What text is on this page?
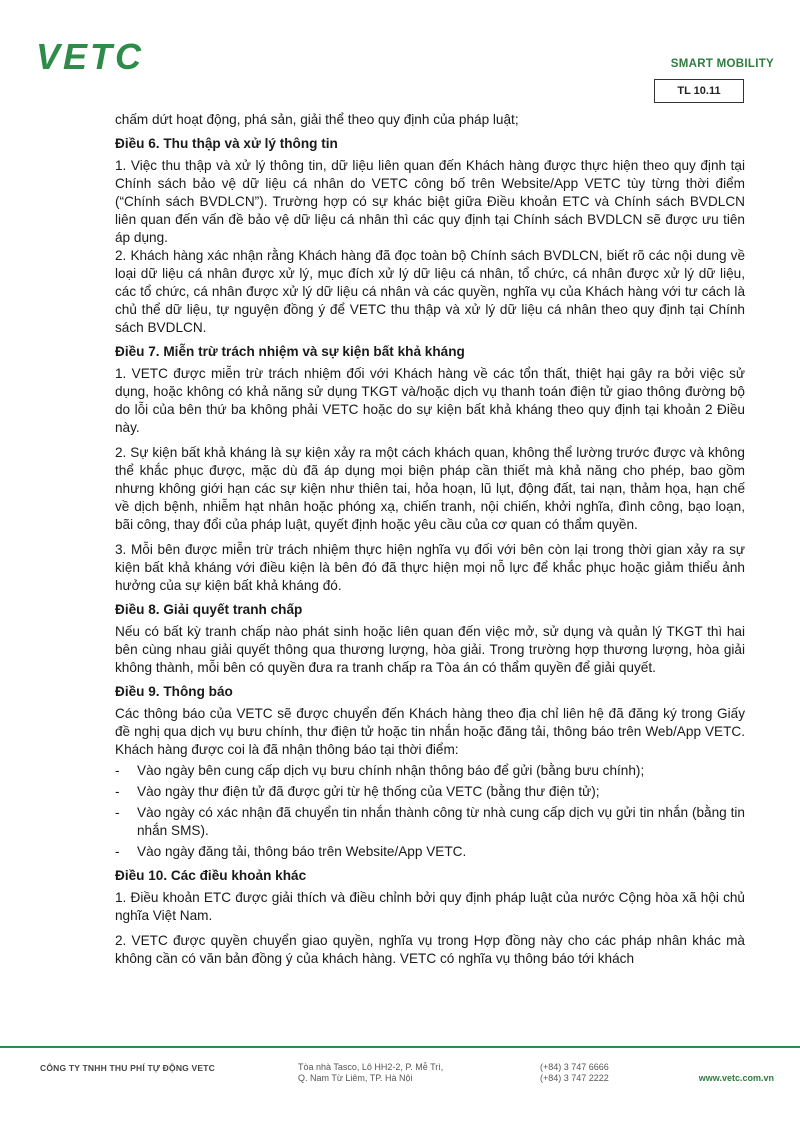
VETC	SMART MOBILITY
TL 10.11

chấm dứt hoạt động, phá sản, giải thể theo quy định của pháp luật;

Điều 6. Thu thập và xử lý thông tin

1. Việc thu thập và xử lý thông tin, dữ liệu liên quan đến Khách hàng được thực hiện theo quy định tại Chính sách bảo vệ dữ liệu cá nhân do VETC công bố trên Website/App VETC tùy từng thời điểm (“Chính sách BVDLCN”). Trường hợp có sự khác biệt giữa Điều khoản ETC và Chính sách BVDLCN liên quan đến vấn đề bảo vệ dữ liệu cá nhân thì các quy định tại Chính sách BVDLCN sẽ được ưu tiên áp dụng.

2. Khách hàng xác nhận rằng Khách hàng đã đọc toàn bộ Chính sách BVDLCN, biết rõ các nội dung về loại dữ liệu cá nhân được xử lý, mục đích xử lý dữ liệu cá nhân, tổ chức, cá nhân được xử lý dữ liệu, các tổ chức, cá nhân được xử lý dữ liệu cá nhân và các quyền, nghĩa vụ của Khách hàng với tư cách là chủ thể dữ liệu, tự nguyện đồng ý để VETC thu thập và xử lý dữ liệu cá nhân theo quy định tại Chính sách BVDLCN.

Điều 7. Miễn trừ trách nhiệm và sự kiện bất khả kháng

1. VETC được miễn trừ trách nhiệm đối với Khách hàng về các tổn thất, thiệt hại gây ra bởi việc sử dụng, hoặc không có khả năng sử dụng TKGT và/hoặc dịch vụ thanh toán điện tử giao thông đường bộ do lỗi của bên thứ ba không phải VETC hoặc do sự kiện bất khả kháng theo quy định tại khoản 2 Điều này.

2. Sự kiện bất khả kháng là sự kiện xảy ra một cách khách quan, không thể lường trước được và không thể khắc phục được, mặc dù đã áp dụng mọi biện pháp cần thiết mà khả năng cho phép, bao gồm nhưng không giới hạn các sự kiện như thiên tai, hỏa hoạn, lũ lụt, động đất, tai nạn, thảm họa, hạn chế về dịch bệnh, nhiễm hạt nhân hoặc phóng xạ, chiến tranh, nội chiến, khởi nghĩa, đình công, bạo loạn, bãi công, thay đổi của pháp luật, quyết định hoặc yêu cầu của cơ quan có thẩm quyền.

3. Mỗi bên được miễn trừ trách nhiệm thực hiện nghĩa vụ đối với bên còn lại trong thời gian xảy ra sự kiện bất khả kháng với điều kiện là bên đó đã thực hiện mọi nỗ lực để khắc phục hoặc giảm thiểu ảnh hưởng của sự kiện bất khả kháng đó.

Điều 8. Giải quyết tranh chấp

Nếu có bất kỳ tranh chấp nào phát sinh hoặc liên quan đến việc mở, sử dụng và quản lý TKGT thì hai bên cùng nhau giải quyết thông qua thương lượng, hòa giải. Trong trường hợp thương lượng, hòa giải không thành, mỗi bên có quyền đưa ra tranh chấp ra Tòa án có thẩm quyền để giải quyết.

Điều 9. Thông báo

Các thông báo của VETC sẽ được chuyển đến Khách hàng theo địa chỉ liên hệ đã đăng ký trong Giấy đề nghị qua dịch vụ bưu chính, thư điện tử hoặc tin nhắn hoặc đăng tải, thông báo trên Web/App VETC. Khách hàng được coi là đã nhận thông báo tại thời điểm:

-	Vào ngày bên cung cấp dịch vụ bưu chính nhận thông báo để gửi (bằng bưu chính);
-	Vào ngày thư điện tử đã được gửi từ hệ thống của VETC (bằng thư điện tử);
-	Vào ngày có xác nhận đã chuyển tin nhắn thành công từ nhà cung cấp dịch vụ gửi tin nhắn (bằng tin nhắn SMS).
-	Vào ngày đăng tải, thông báo trên Website/App VETC.

Điều 10. Các điều khoản khác

1. Điều khoản ETC được giải thích và điều chỉnh bởi quy định pháp luật của nước Cộng hòa xã hội chủ nghĩa Việt Nam.

2. VETC được quyền chuyển giao quyền, nghĩa vụ trong Hợp đồng này cho các pháp nhân khác mà không cần có văn bản đồng ý của khách hàng. VETC có nghĩa vụ thông báo tới khách

CÔNG TY TNHH THU PHÍ TỰ ĐỘNG VETC	Tòa nhà Tasco, Lô HH2-2, P. Mễ Trì,
Q. Nam Từ Liêm, TP. Hà Nội
(+84) 3 747 6666
(+84) 3 747 2222	www.vetc.com.vn
